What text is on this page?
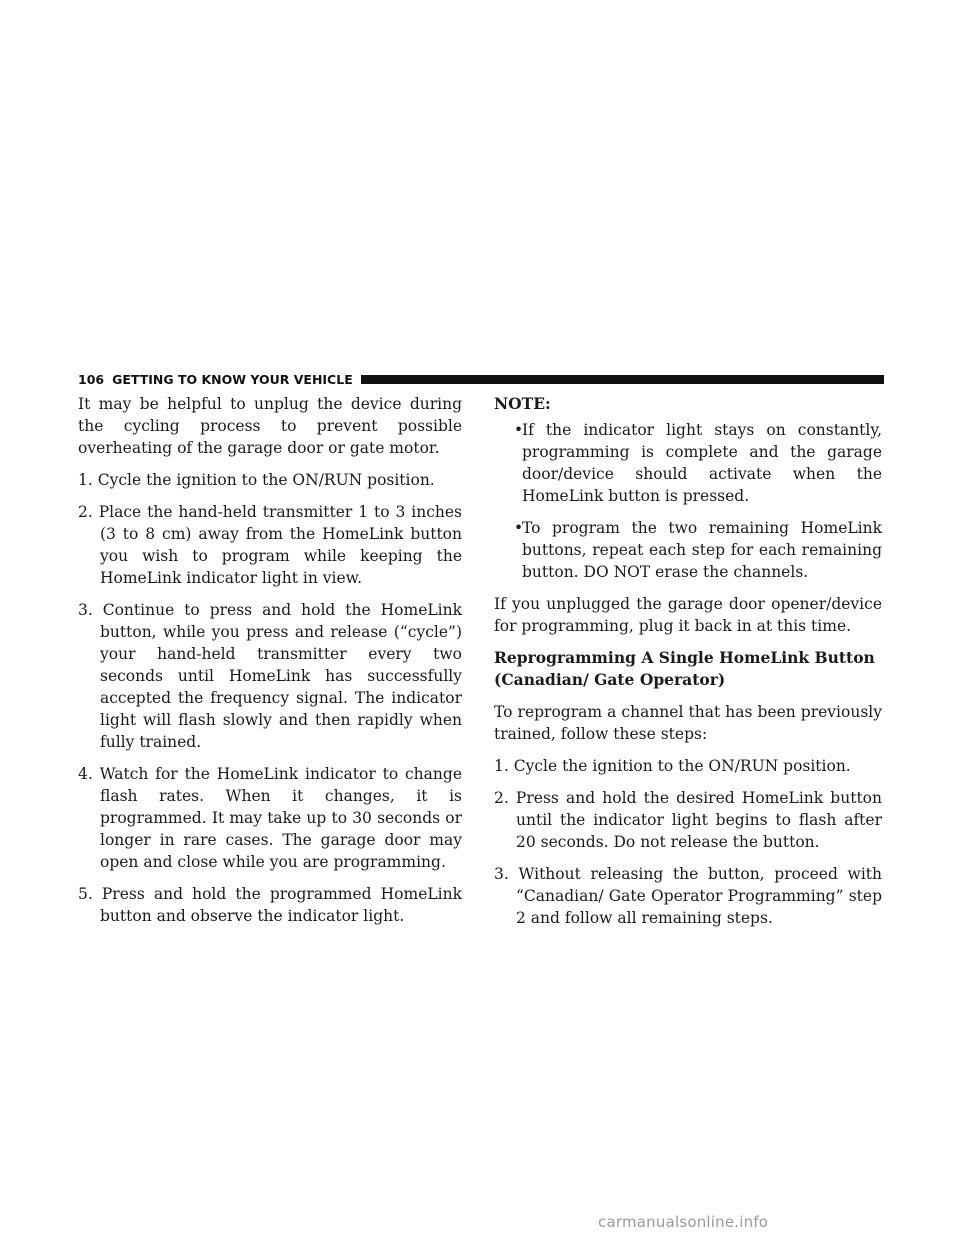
106 GETTING TO KNOW YOUR VEHICLE

It may be helpful to unplug the device during the cycling process to prevent possible overheating of the garage door or gate motor.

1. Cycle the ignition to the ON/RUN position.

2. Place the hand-held transmitter 1 to 3 inches (3 to 8 cm) away from the HomeLink button you wish to program while keeping the HomeLink indicator light in view.

3. Continue to press and hold the HomeLink button, while you press and release (“cycle”) your hand-held transmitter every two seconds until HomeLink has successfully accepted the frequency signal. The indicator light will flash slowly and then rapidly when fully trained.

4. Watch for the HomeLink indicator to change flash rates. When it changes, it is programmed. It may take up to 30 seconds or longer in rare cases. The garage door may open and close while you are programming.

5. Press and hold the programmed HomeLink button and observe the indicator light.

NOTE:

•
If the indicator light stays on constantly, programming is complete and the garage door/device should activate when the HomeLink button is pressed.
•
To program the two remaining HomeLink buttons, repeat each step for each remaining button. DO NOT erase the channels.

If you unplugged the garage door opener/device for programming, plug it back in at this time.

Reprogramming A Single HomeLink Button (Canadian/ Gate Operator)

To reprogram a channel that has been previously trained, follow these steps:

1. Cycle the ignition to the ON/RUN position.

2. Press and hold the desired HomeLink button until the indicator light begins to flash after 20 seconds. Do not release the button.

3. Without releasing the button, proceed with “Canadian/ Gate Operator Programming” step 2 and follow all remaining steps.

carmanualsonline.info
